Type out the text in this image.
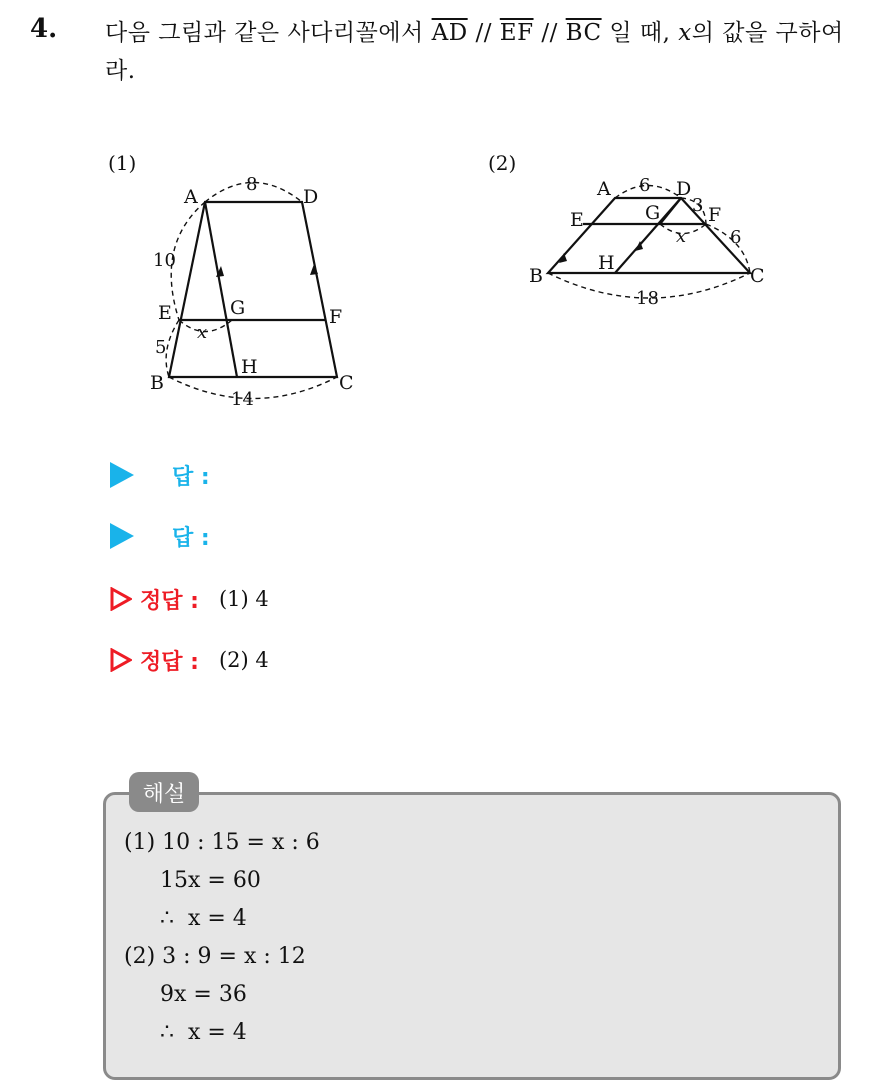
4. 다음 그림과 같은 사다리꼴에서 $\overline{AD} // \overline{EF} // \overline{BC}$ 일 때, x의 값을 구하여라.
(1)
A	D
E	G	F
B
H
C
8
10
5
x
14
(2)
A	D
E	G	F
B
H
C
6
3
x 6
18
답 :
답 :
정답 : (1) 4
정답 : (2) 4
해설
(1) 10 : 15 = x : 6
15x = 60
∴  x = 4
(2) 3 : 9 = x : 12
9x = 36
∴  x = 4
